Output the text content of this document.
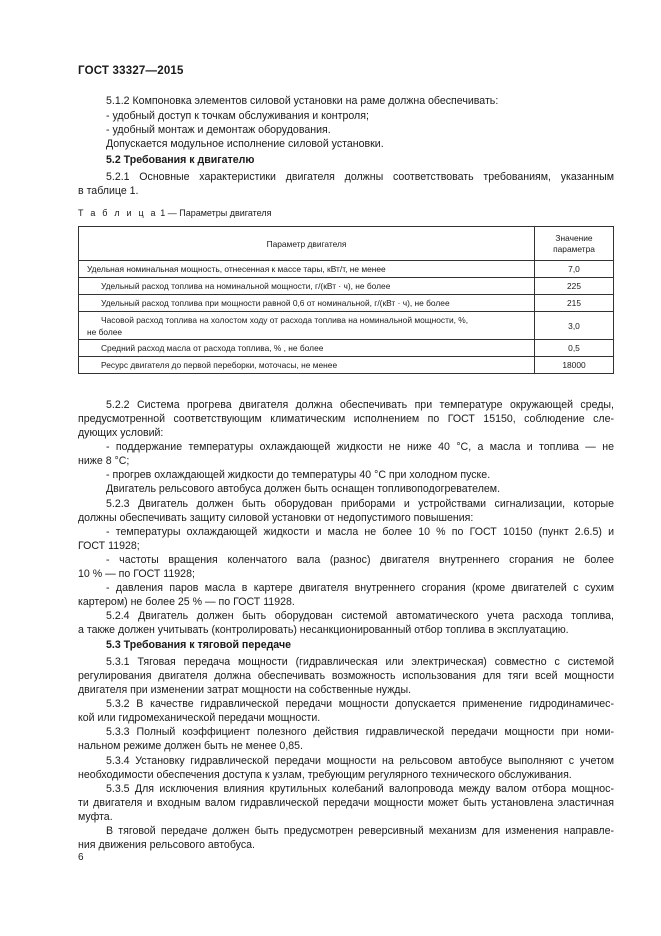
ГОСТ 33327—2015
5.1.2 Компоновка элементов силовой установки на раме должна обеспечивать:
- удобный доступ к точкам обслуживания и контроля;
- удобный монтаж и демонтаж оборудования.
Допускается модульное исполнение силовой установки.
5.2 Требования к двигателю
5.2.1 Основные характеристики двигателя должны соответствовать требованиям, указанным
в таблице 1.
Т а б л и ц а 1 — Параметры двигателя
Параметр двигателя	Значение
параметра

Удельная номинальная мощность, отнесенная к массе тары, кВт/т, не менее	7,0
Удельный расход топлива на номинальной мощности, г/(кВт · ч), не более	225
Удельный расход топлива при мощности равной 0,6 от номинальной, г/(кВт · ч), не более	215

Часовой расход топлива на холостом ходу от расхода топлива на номинальной мощности, %,
не более	3,0
Средний расход масла от расхода топлива, % , не более	0,5
Ресурс двигателя до первой переборки, моточасы, не менее	18000
5.2.2 Система прогрева двигателя должна обеспечивать при температуре окружающей среды,
предусмотренной соответствующим климатическим исполнением по ГОСТ 15150, соблюдение сле-
дующих условий:
- поддержание температуры охлаждающей жидкости не ниже 40 °С, а масла и топлива — не
ниже 8 °С;
- прогрев охлаждающей жидкости до температуры 40 °С при холодном пуске.
Двигатель рельсового автобуса должен быть оснащен топливоподогревателем.
5.2.3 Двигатель должен быть оборудован приборами и устройствами сигнализации, которые
должны обеспечивать защиту силовой установки от недопустимого повышения:
- температуры охлаждающей жидкости и масла не более 10 % по ГОСТ 10150 (пункт 2.6.5) и
ГОСТ 11928;
- частоты вращения коленчатого вала (разнос) двигателя внутреннего сгорания не более
10 % — по ГОСТ 11928;
- давления паров масла в картере двигателя внутреннего сгорания (кроме двигателей с сухим
картером) не более 25 % — по ГОСТ 11928.
5.2.4 Двигатель должен быть оборудован системой автоматического учета расхода топлива,
а также должен учитывать (контролировать) несанкционированный отбор топлива в эксплуатацию.
5.3 Требования к тяговой передаче
5.3.1 Тяговая передача мощности (гидравлическая или электрическая) совместно с системой
регулирования двигателя должна обеспечивать возможность использования для тяги всей мощности
двигателя при изменении затрат мощности на собственные нужды.
5.3.2 В качестве гидравлической передачи мощности допускается применение гидродинамичес-
кой или гидромеханической передачи мощности.
5.3.3 Полный коэффициент полезного действия гидравлической передачи мощности при номи-
нальном режиме должен быть не менее 0,85.
5.3.4 Установку гидравлической передачи мощности на рельсовом автобусе выполняют с учетом
необходимости обеспечения доступа к узлам, требующим регулярного технического обслуживания.
5.3.5 Для исключения влияния крутильных колебаний валопровода между валом отбора мощнос-
ти двигателя и входным валом гидравлической передачи мощности может быть установлена эластичная
муфта.
В тяговой передаче должен быть предусмотрен реверсивный механизм для изменения направле-
ния движения рельсового автобуса.
6
